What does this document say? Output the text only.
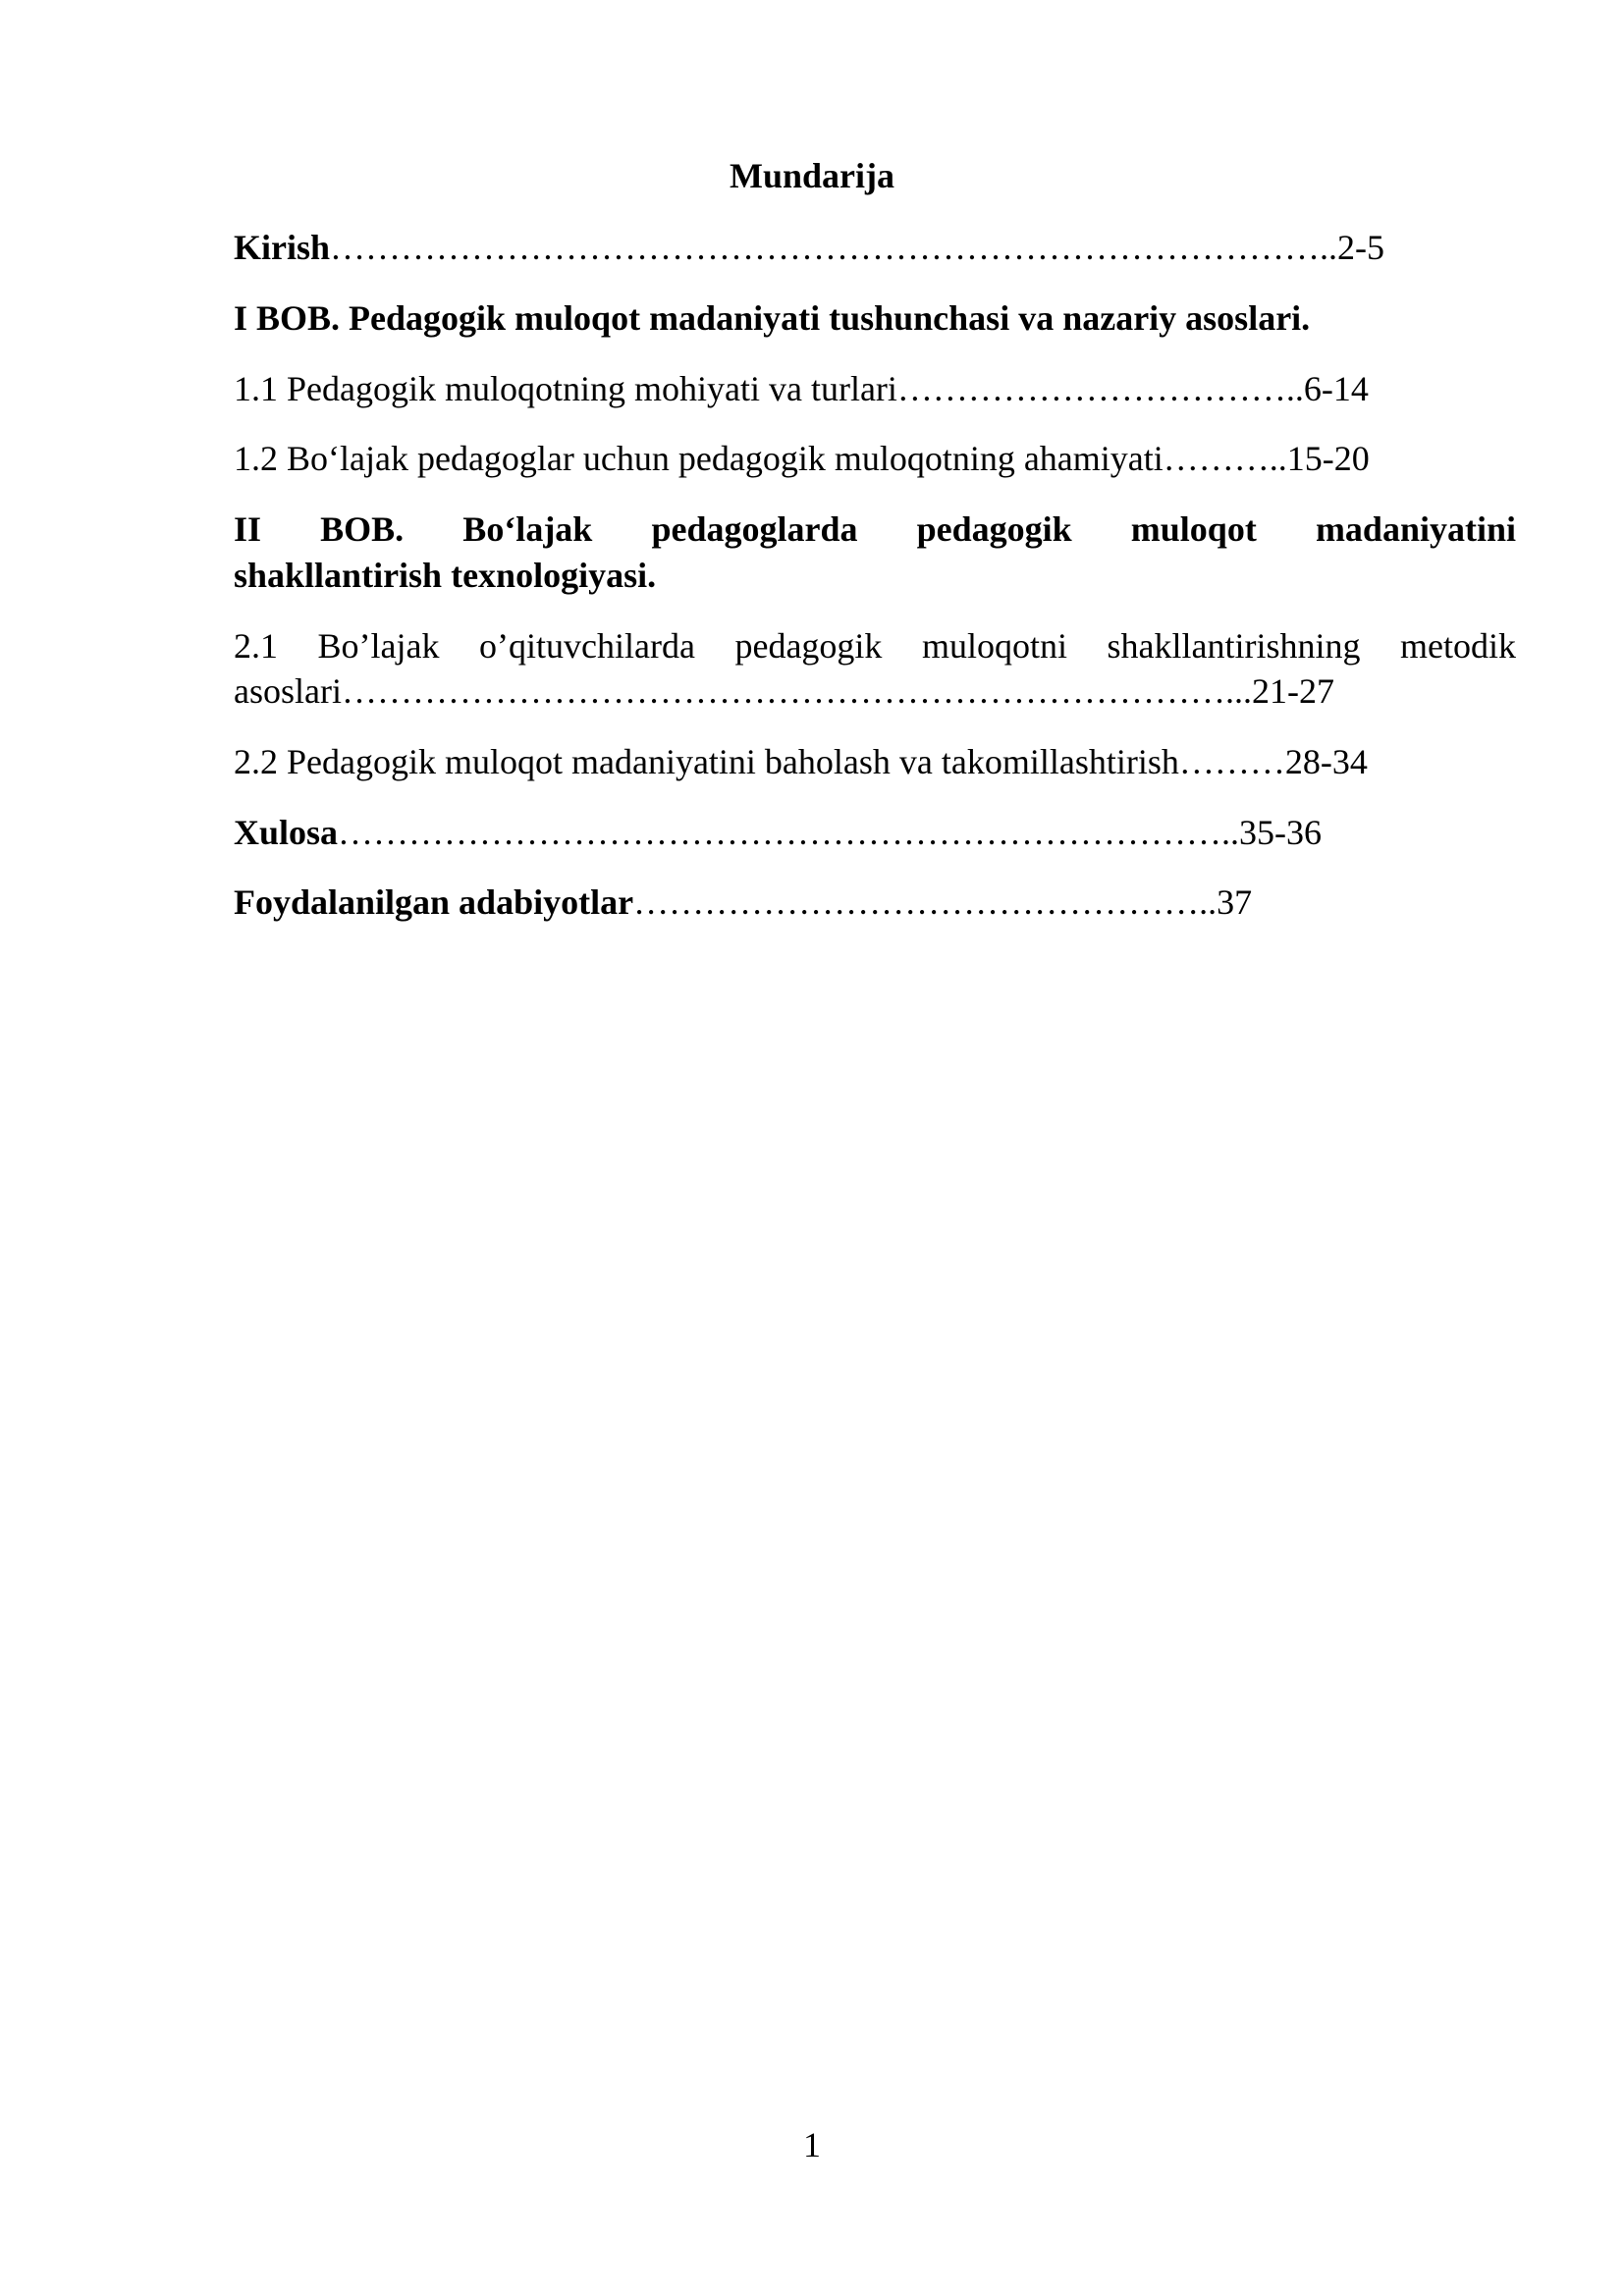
Mundarija
Kirish…………………………………………………………………………..2-5
I BOB. Pedagogik muloqot madaniyati tushunchasi va nazariy asoslari.
1.1 Pedagogik muloqotning mohiyati va turlari……………………………..6-14
1.2 Bo‘lajak pedagoglar uchun pedagogik muloqotning ahamiyati………..15-20
II BOB. Bo‘lajak pedagoglarda pedagogik muloqot madaniyatini
shakllantirish texnologiyasi.
2.1 Bo’lajak o’qituvchilarda pedagogik muloqotni shakllantirishning metodik
asoslari…………………………………………………………………...21-27
2.2 Pedagogik muloqot madaniyatini baholash va takomillashtirish………28-34
Xulosa…………………………………………………………………..35-36
Foydalanilgan adabiyotlar…………………………………………..37
1
